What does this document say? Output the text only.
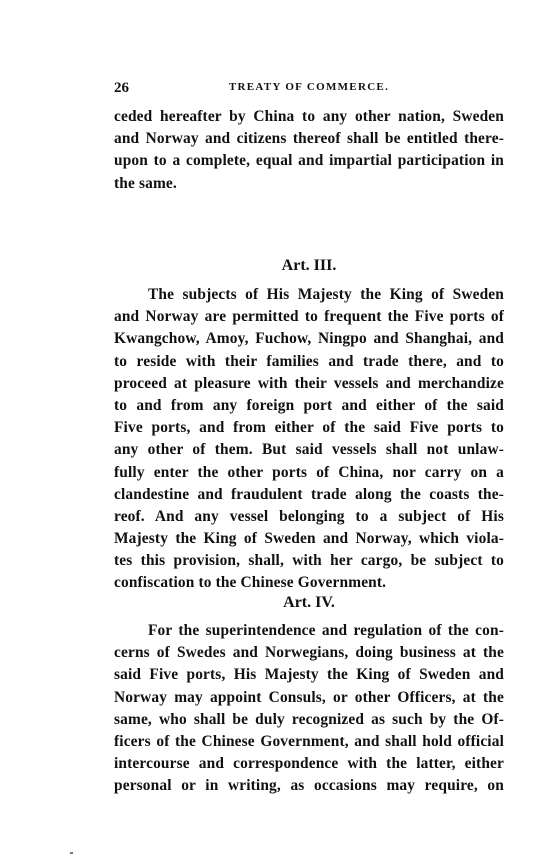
26	TREATY OF COMMERCE.
ceded hereafter by China to any other nation, Sweden
and Norway and citizens thereof shall be entitled there-
upon to a complete, equal and impartial participation in
the same.
Art. III.
The subjects of His Majesty the King of Sweden
and Norway are permitted to frequent the Five ports of
Kwangchow, Amoy, Fuchow, Ningpo and Shanghai, and
to reside with their families and trade there, and to
proceed at pleasure with their vessels and merchandize
to and from any foreign port and either of the said
Five ports, and from either of the said Five ports to
any other of them. But said vessels shall not unlaw-
fully enter the other ports of China, nor carry on a
clandestine and fraudulent trade along the coasts the-
reof. And any vessel belonging to a subject of His
Majesty the King of Sweden and Norway, which viola-
tes this provision, shall, with her cargo, be subject to
confiscation to the Chinese Government.
Art. IV.
For the superintendence and regulation of the con-
cerns of Swedes and Norwegians, doing business at the
said Five ports, His Majesty the King of Sweden and
Norway may appoint Consuls, or other Officers, at the
same, who shall be duly recognized as such by the Of-
ficers of the Chinese Government, and shall hold official
intercourse and correspondence with the latter, either
personal or in writing, as occasions may require, on
